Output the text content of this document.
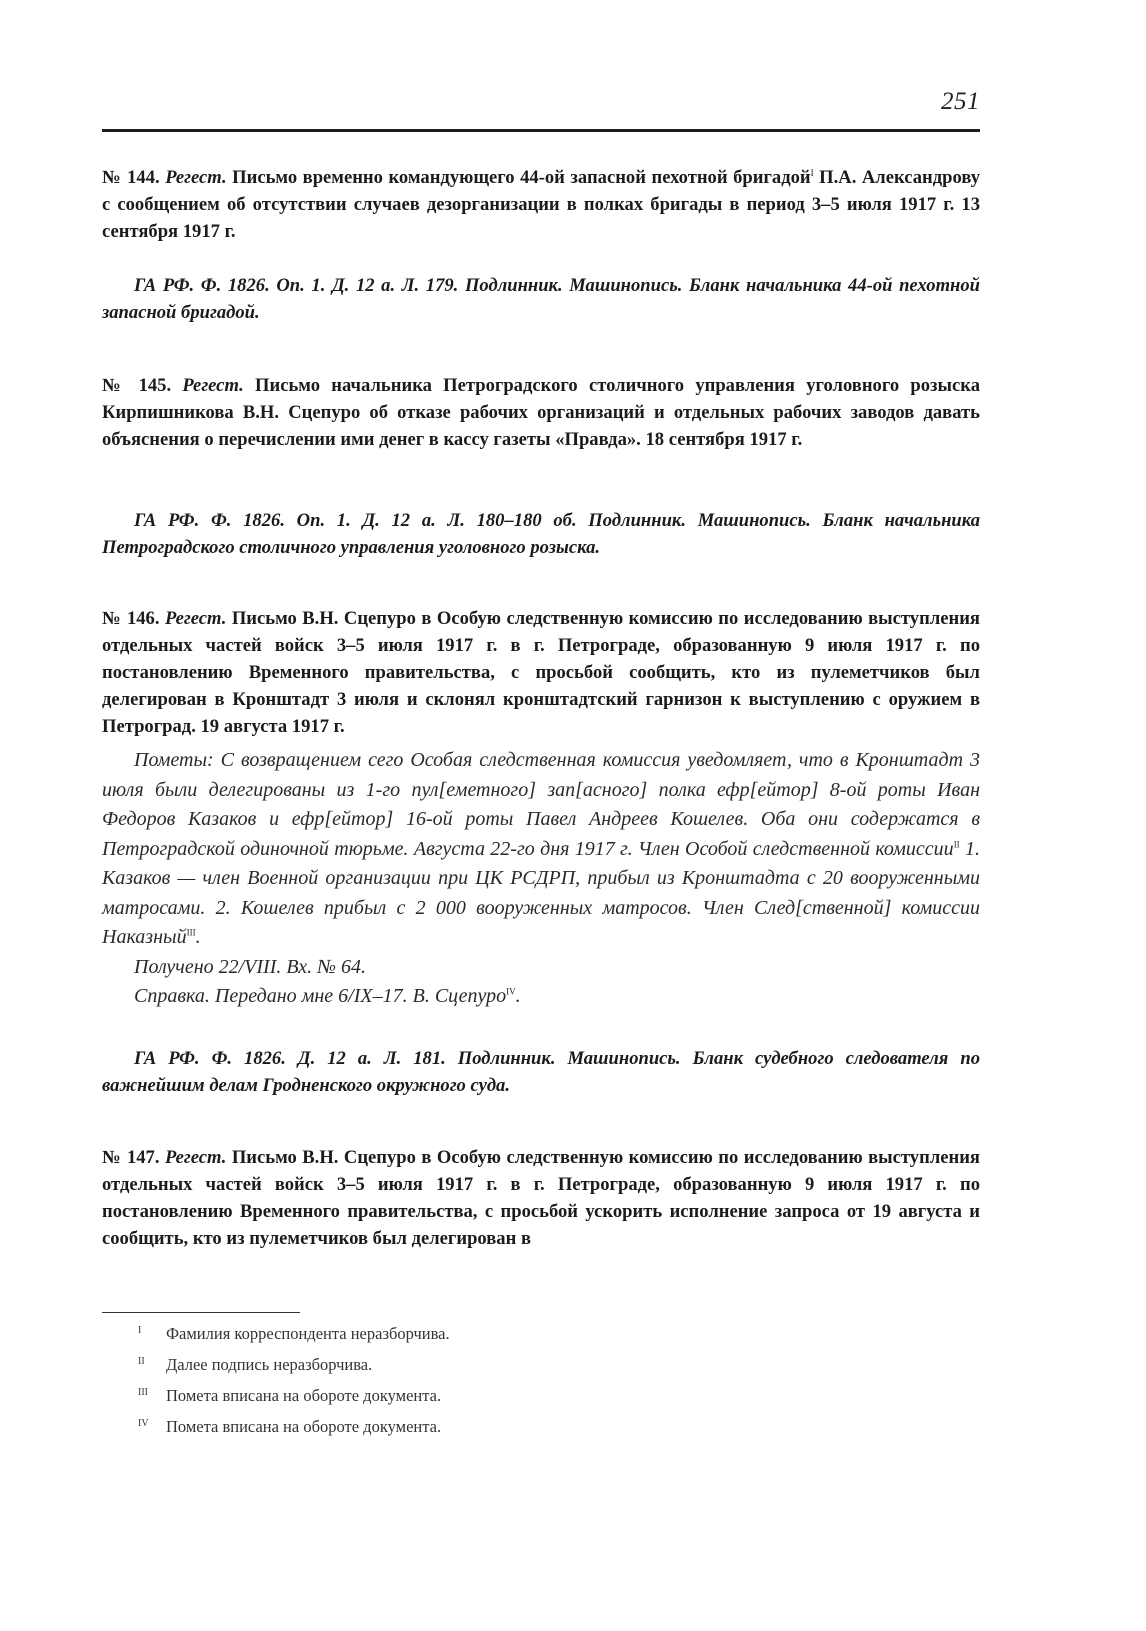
251
№ 144. Регест. Письмо временно командующего 44-ой запасной пехотной бригадой$^I$ П.А. Александрову с сообщением об отсутствии случаев дезорганизации в полках бригады в период 3–5 июля 1917 г. 13 сентября 1917 г.
ГА РФ. Ф. 1826. Оп. 1. Д. 12 а. Л. 179. Подлинник. Машинопись. Бланк начальника 44-ой пехотной запасной бригадой.
№ 145. Регест. Письмо начальника Петроградского столичного управления уголовного розыска Кирпишникова В.Н. Сцепуро об отказе рабочих организаций и отдельных рабочих заводов давать объяснения о перечислении ими денег в кассу газеты «Правда». 18 сентября 1917 г.
ГА РФ. Ф. 1826. Оп. 1. Д. 12 а. Л. 180–180 об. Подлинник. Машинопись. Бланк начальника Петроградского столичного управления уголовного розыска.
№ 146. Регест. Письмо В.Н. Сцепуро в Особую следственную комиссию по исследованию выступления отдельных частей войск 3–5 июля 1917 г. в г. Петрограде, образованную 9 июля 1917 г. по постановлению Временного правительства, с просьбой сообщить, кто из пулеметчиков был делегирован в Кронштадт 3 июля и склонял кронштадтский гарнизон к выступлению с оружием в Петроград. 19 августа 1917 г.

Пометы: С возвращением сего Особая следственная комиссия уведомляет, что в Кронштадт 3 июля были делегированы из 1-го пул[еметного] зап[асного] полка ефр[ейтор] 8-ой роты Иван Федоров Казаков и ефр[ейтор] 16-ой роты Павел Андреев Кошелев. Оба они содержатся в Петроградской одиночной тюрьме. Августа 22-го дня 1917 г. Член Особой следственной комиссии$^{II}$ 1. Казаков — член Военной организации при ЦК РСДРП, прибыл из Кронштадта с 20 вооруженными матросами. 2. Кошелев прибыл с 2 000 вооруженных матросов. Член След[ственной] комиссии Наказный$^{III}$.

Получено 22/VIII. Вх. № 64.

Справка. Передано мне 6/IX–17. В. Сцепуро$^{IV}$.

ГА РФ. Ф. 1826. Д. 12 а. Л. 181. Подлинник. Машинопись. Бланк судебного следователя по важнейшим делам Гродненского окружного суда.
№ 147. Регест. Письмо В.Н. Сцепуро в Особую следственную комиссию по исследованию выступления отдельных частей войск 3–5 июля 1917 г. в г. Петрограде, образованную 9 июля 1917 г. по постановлению Временного правительства, с просьбой ускорить исполнение запроса от 19 августа и сообщить, кто из пулеметчиков был делегирован в
I	Фамилия корреспондента неразборчива.
II	Далее подпись неразборчива.
III	Помета вписана на обороте документа.
IV	Помета вписана на обороте документа.
